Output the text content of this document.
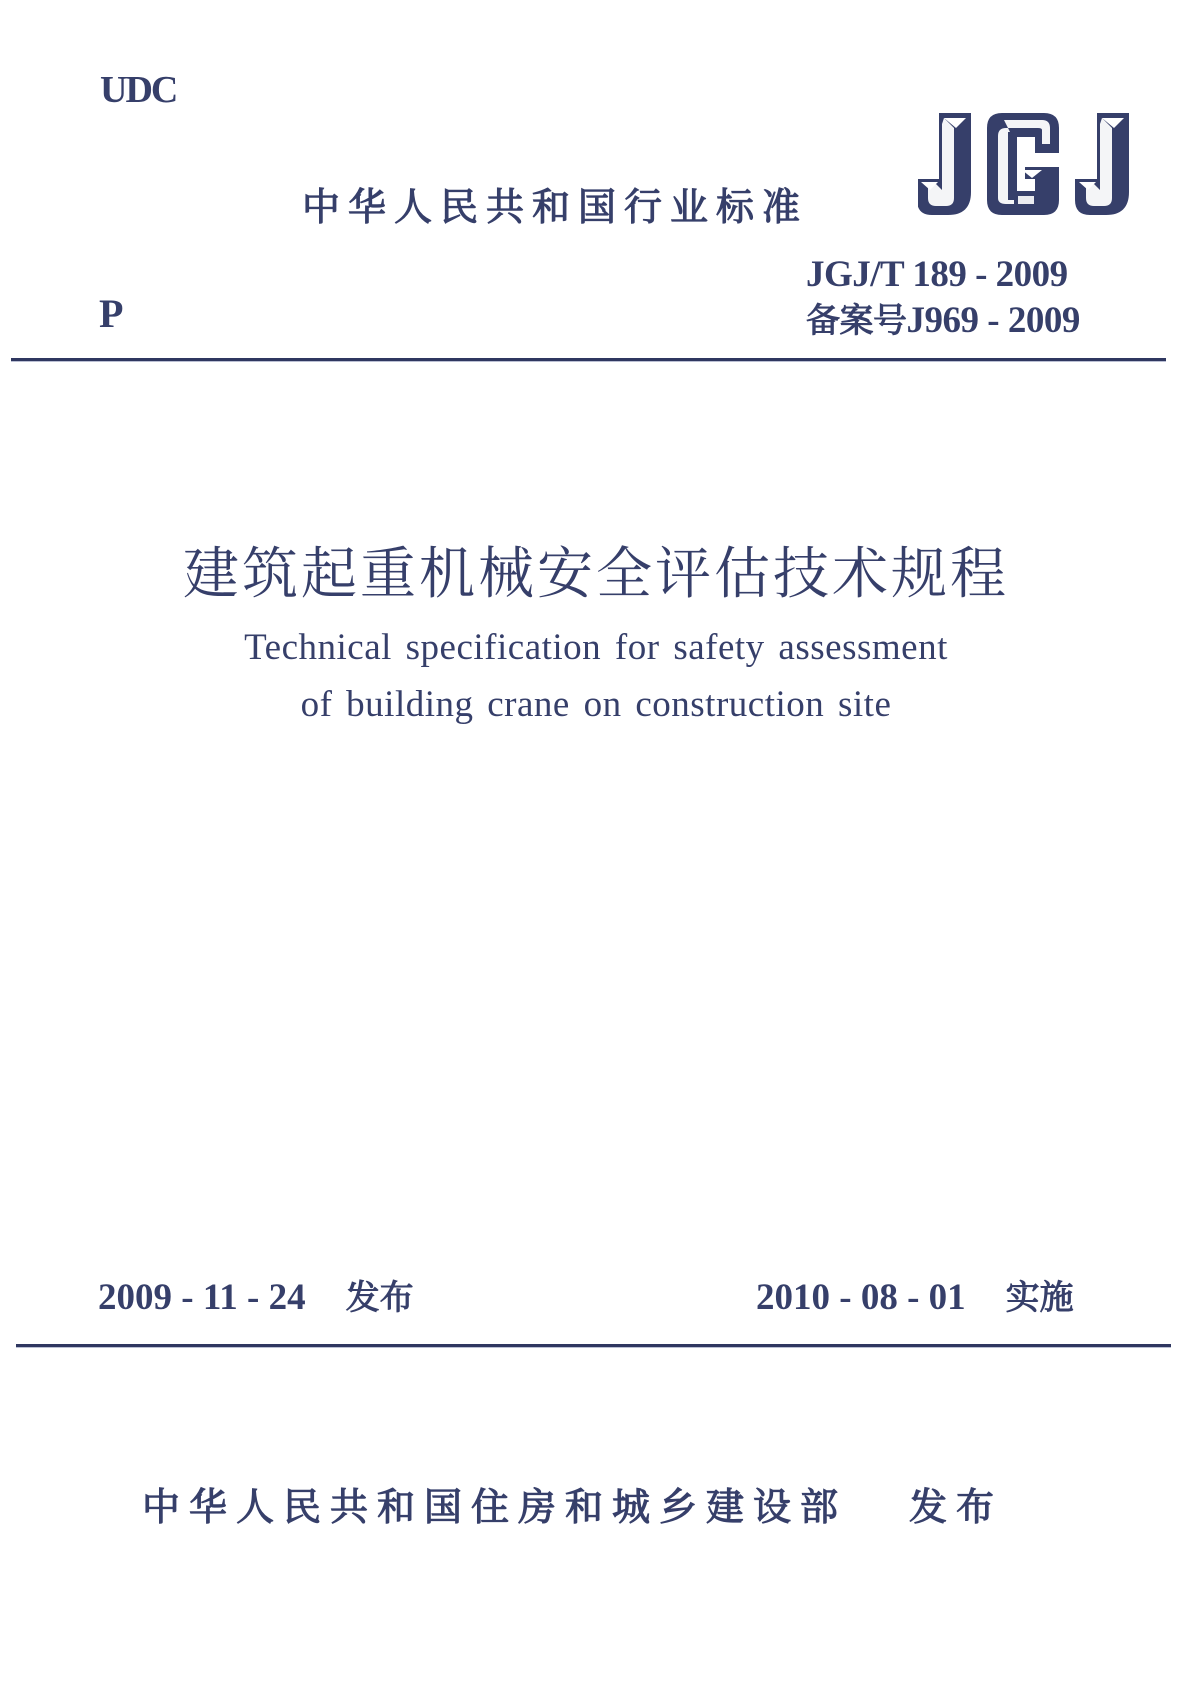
UDC
中华人民共和国行业标准
JGJ/T 189 - 2009
备案号J969 - 2009
P
建筑起重机械安全评估技术规程
Technical specification for safety assessment
of building crane on construction site
2009 - 11 - 24 发布	2010 - 08 - 01 实施
中华人民共和国住房和城乡建设部 发布
